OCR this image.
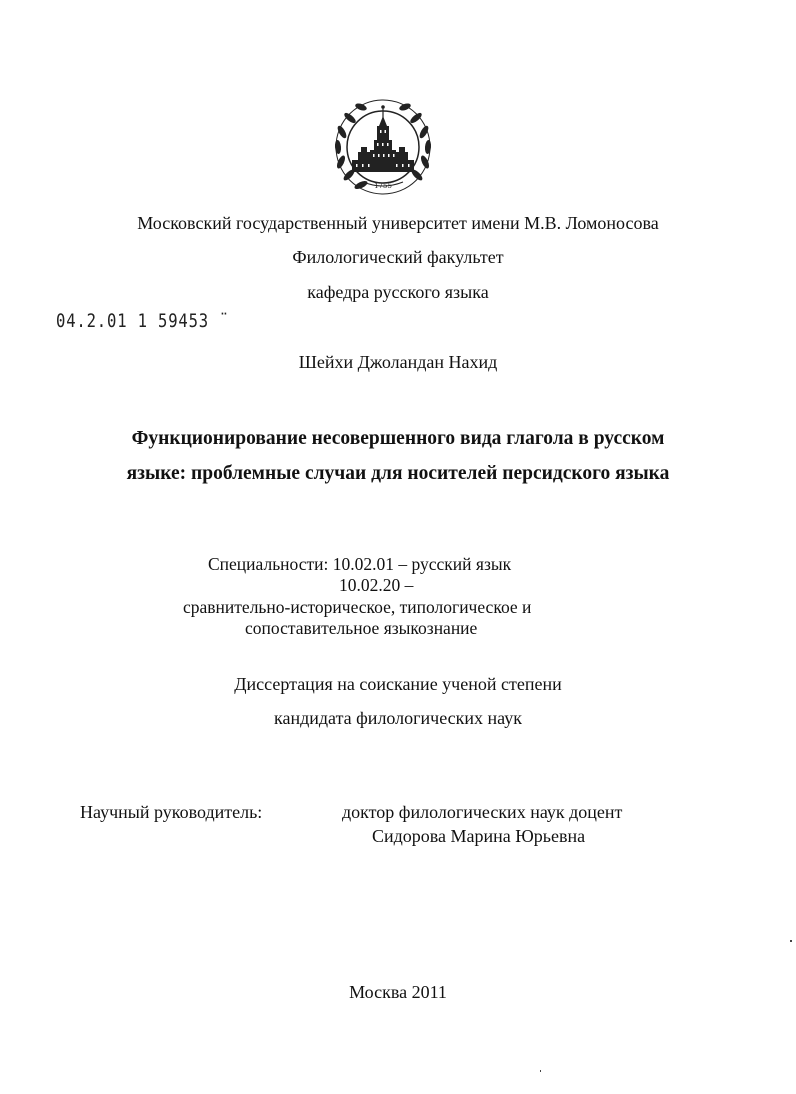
1755
Московский государственный университет имени М.В. Ломоносова
Филологический факультет
кафедра русского языка
04.2.01 1 59453 ¨
Шейхи Джоландан Нахид
Функционирование несовершенного вида глагола в русском
языке: проблемные случаи для носителей персидского языка
Специальности: 10.02.01 – русский язык
10.02.20 –
сравнительно-историческое, типологическое и
сопоставительное языкознание
Диссертация на соискание ученой степени
кандидата филологических наук
Научный руководитель:	доктор филологических наук доцент
Сидорова Марина Юрьевна
Москва 2011
